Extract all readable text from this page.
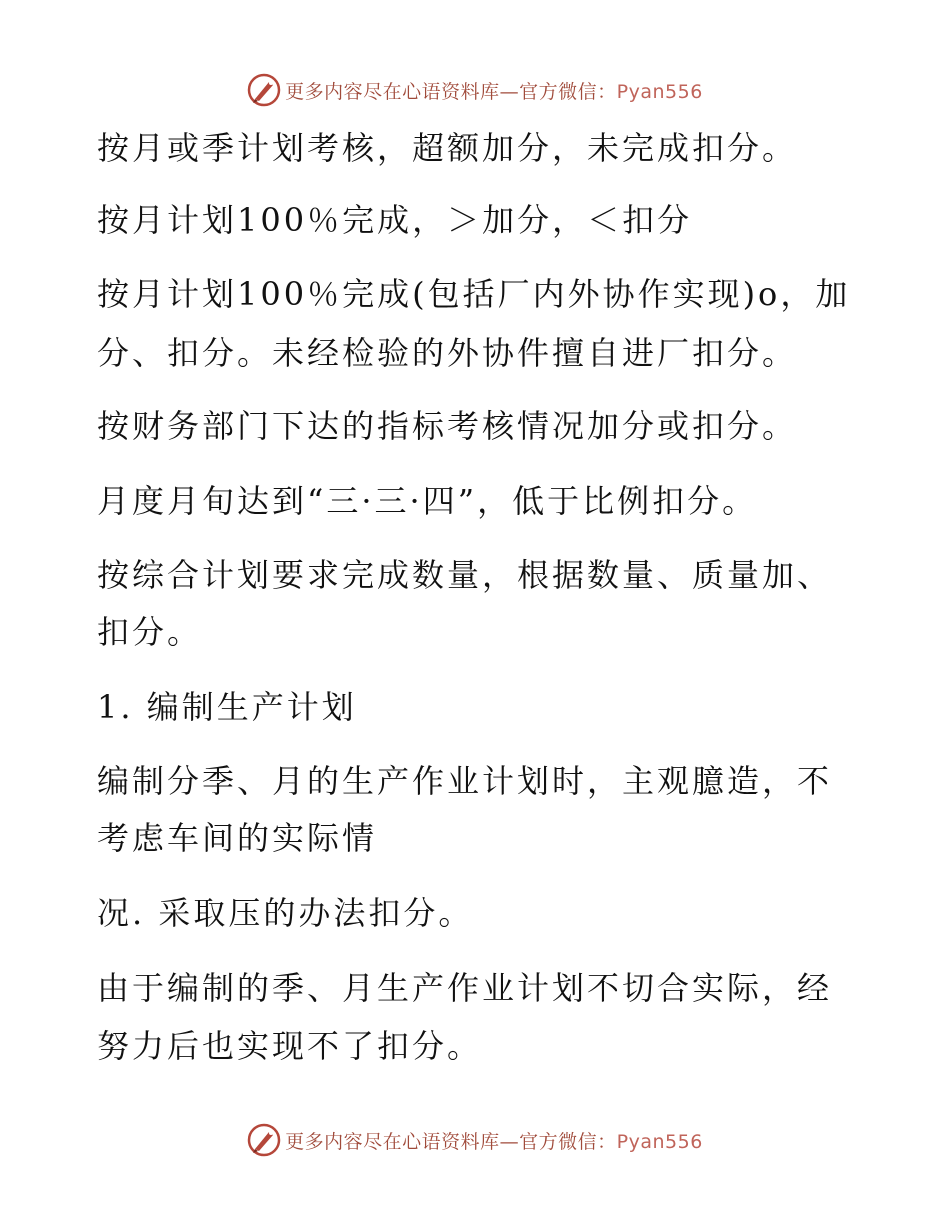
更多内容尽在心语资料库—官方微信：Pyan556
按月或季计划考核，超额加分，未完成扣分。
按月计划100％完成，＞加分，＜扣分
按月计划100％完成(包括厂内外协作实现)o，加
分、扣分。未经检验的外协件擅自进厂扣分。
按财务部门下达的指标考核情况加分或扣分。
月度月旬达到“三·三·四”，低于比例扣分。
按综合计划要求完成数量，根据数量、质量加、
扣分。
1. 编制生产计划
编制分季、月的生产作业计划时，主观臆造，不
考虑车间的实际情
况. 采取压的办法扣分。
由于编制的季、月生产作业计划不切合实际，经
努力后也实现不了扣分。
更多内容尽在心语资料库—官方微信：Pyan556
